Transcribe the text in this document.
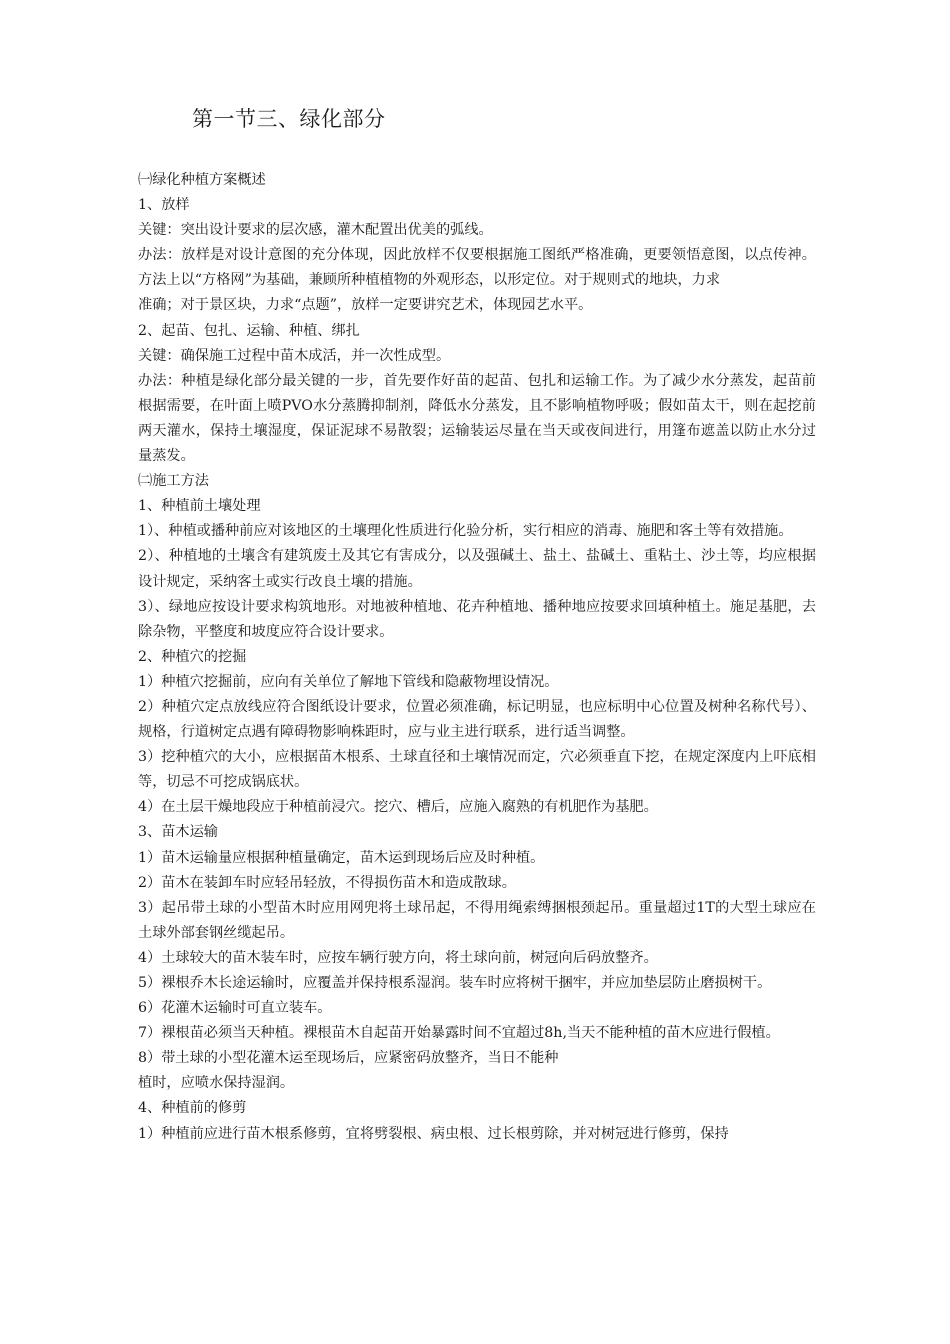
第一节三、绿化部分

㈠绿化种植方案概述

1、放样

关键：突出设计要求的层次感，灌木配置出优美的弧线。

办法：放样是对设计意图的充分体现，因此放样不仅要根据施工图纸严格准确，更要领悟意图，以点传神。方法上以“方格网”为基础，兼顾所种植植物的外观形态，以形定位。对于规则式的地块，力求

准确；对于景区块，力求“点题”，放样一定要讲究艺术，体现园艺水平。

2、起苗、包扎、运输、种植、绑扎

关键：确保施工过程中苗木成活，并一次性成型。

办法：种植是绿化部分最关键的一步，首先要作好苗的起苗、包扎和运输工作。为了减少水分蒸发，起苗前根据需要，在叶面上喷PVO水分蒸腾抑制剂，降低水分蒸发，且不影响植物呼吸；假如苗太干，则在起挖前两天灌水，保持土壤湿度，保证泥球不易散裂；运输装运尽量在当天或夜间进行，用篷布遮盖以防止水分过量蒸发。

㈡施工方法

1、种植前土壤处理

1）、种植或播种前应对该地区的土壤理化性质进行化验分析，实行相应的消毒、施肥和客土等有效措施。

2）、种植地的土壤含有建筑废土及其它有害成分，以及强碱土、盐土、盐碱土、重粘土、沙土等，均应根据设计规定，采纳客土或实行改良土壤的措施。

3）、绿地应按设计要求构筑地形。对地被种植地、花卉种植地、播种地应按要求回填种植土。施足基肥，去除杂物，平整度和坡度应符合设计要求。

2、种植穴的挖掘

1）种植穴挖掘前，应向有关单位了解地下管线和隐蔽物埋设情况。

2）种植穴定点放线应符合图纸设计要求，位置必须准确，标记明显，也应标明中心位置及树种名称代号）、规格，行道树定点遇有障碍物影响株距时，应与业主进行联系，进行适当调整。

3）挖种植穴的大小，应根据苗木根系、土球直径和土壤情况而定，穴必须垂直下挖，在规定深度内上吓底相等，切忌不可挖成锅底状。

4）在土层干燥地段应于种植前浸穴。挖穴、槽后，应施入腐熟的有机肥作为基肥。

3、苗木运输

1）苗木运输量应根据种植量确定，苗木运到现场后应及时种植。

2）苗木在装卸车时应轻吊轻放，不得损伤苗木和造成散球。

3）起吊带土球的小型苗木时应用网兜将土球吊起，不得用绳索缚捆根颈起吊。重量超过1T的大型土球应在土球外部套钢丝缆起吊。

4）土球较大的苗木装车时，应按车辆行驶方向，将土球向前，树冠向后码放整齐。

5）裸根乔木长途运输时，应覆盖并保持根系湿润。装车时应将树干捆牢，并应加垫层防止磨损树干。

6）花灌木运输时可直立装车。

7）裸根苗必须当天种植。裸根苗木自起苗开始暴露时间不宜超过8h,当天不能种植的苗木应进行假植。

8）带土球的小型花灌木运至现场后，应紧密码放整齐，当日不能种

植时，应喷水保持湿润。

4、种植前的修剪

1）种植前应进行苗木根系修剪，宜将劈裂根、病虫根、过长根剪除，并对树冠进行修剪，保持
